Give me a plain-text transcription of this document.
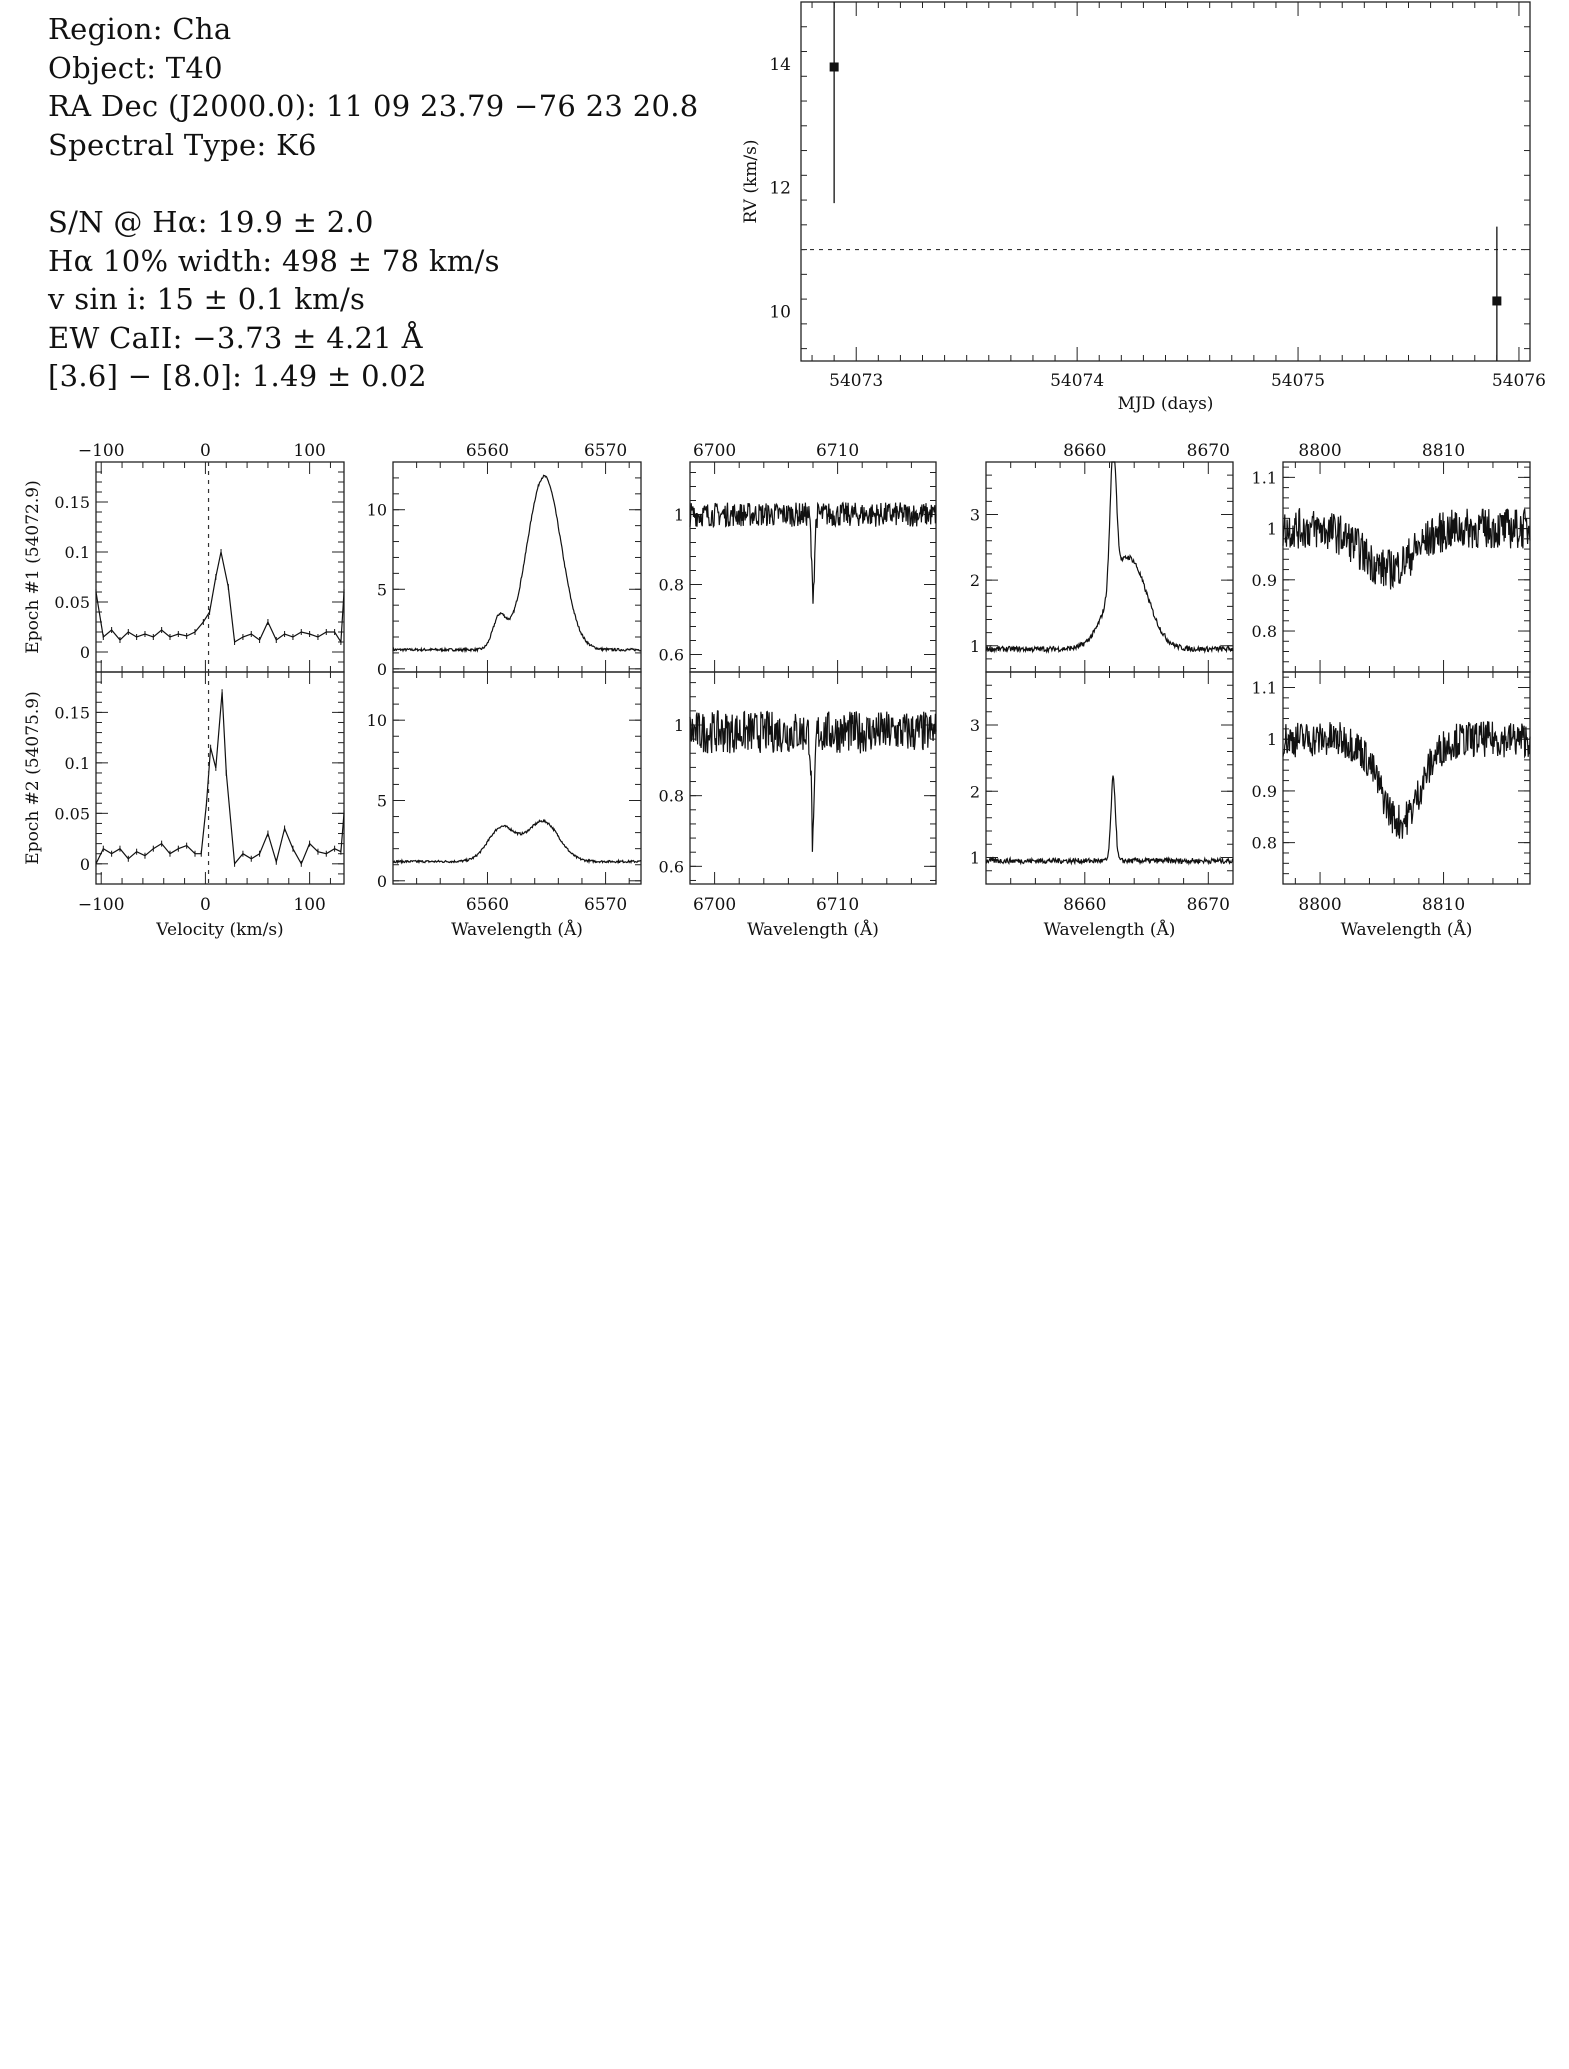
Region: Cha
Object: T40
RA Dec (J2000.0): 11 09 23.79 −76 23 20.8
Spectral Type: K6
S/N @ Hα: 19.9 ± 2.0
Hα 10% width: 498 ± 78 km/s
v sin i: 15 ± 0.1 km/s
EW CaII: −3.73 ± 4.21 Å
[3.6] − [8.0]: 1.49 ± 0.02	54073	54074	54075	54076
10
12
14
MJD (days)
RV (km/s)
−100	0	100
−100	0	100
Velocity (km/s)
0
0.05
0.1
0.15
Epoch #1 (54072.9)
0
0.05
0.1
0.15
Epoch #2 (54075.9)
6560	6570
6560	6570
Wavelength (Å)
0
5
10
0
5
10
6700	6710
6700	6710
Wavelength (Å)
0.6
0.8
1
0.6
0.8
1
8660	8670
8660	8670
Wavelength (Å)
1
2
3
1
2
3
8800	8810
8800	8810
Wavelength (Å)
0.8
0.9
1
1.1
0.8
0.9
1
1.1
